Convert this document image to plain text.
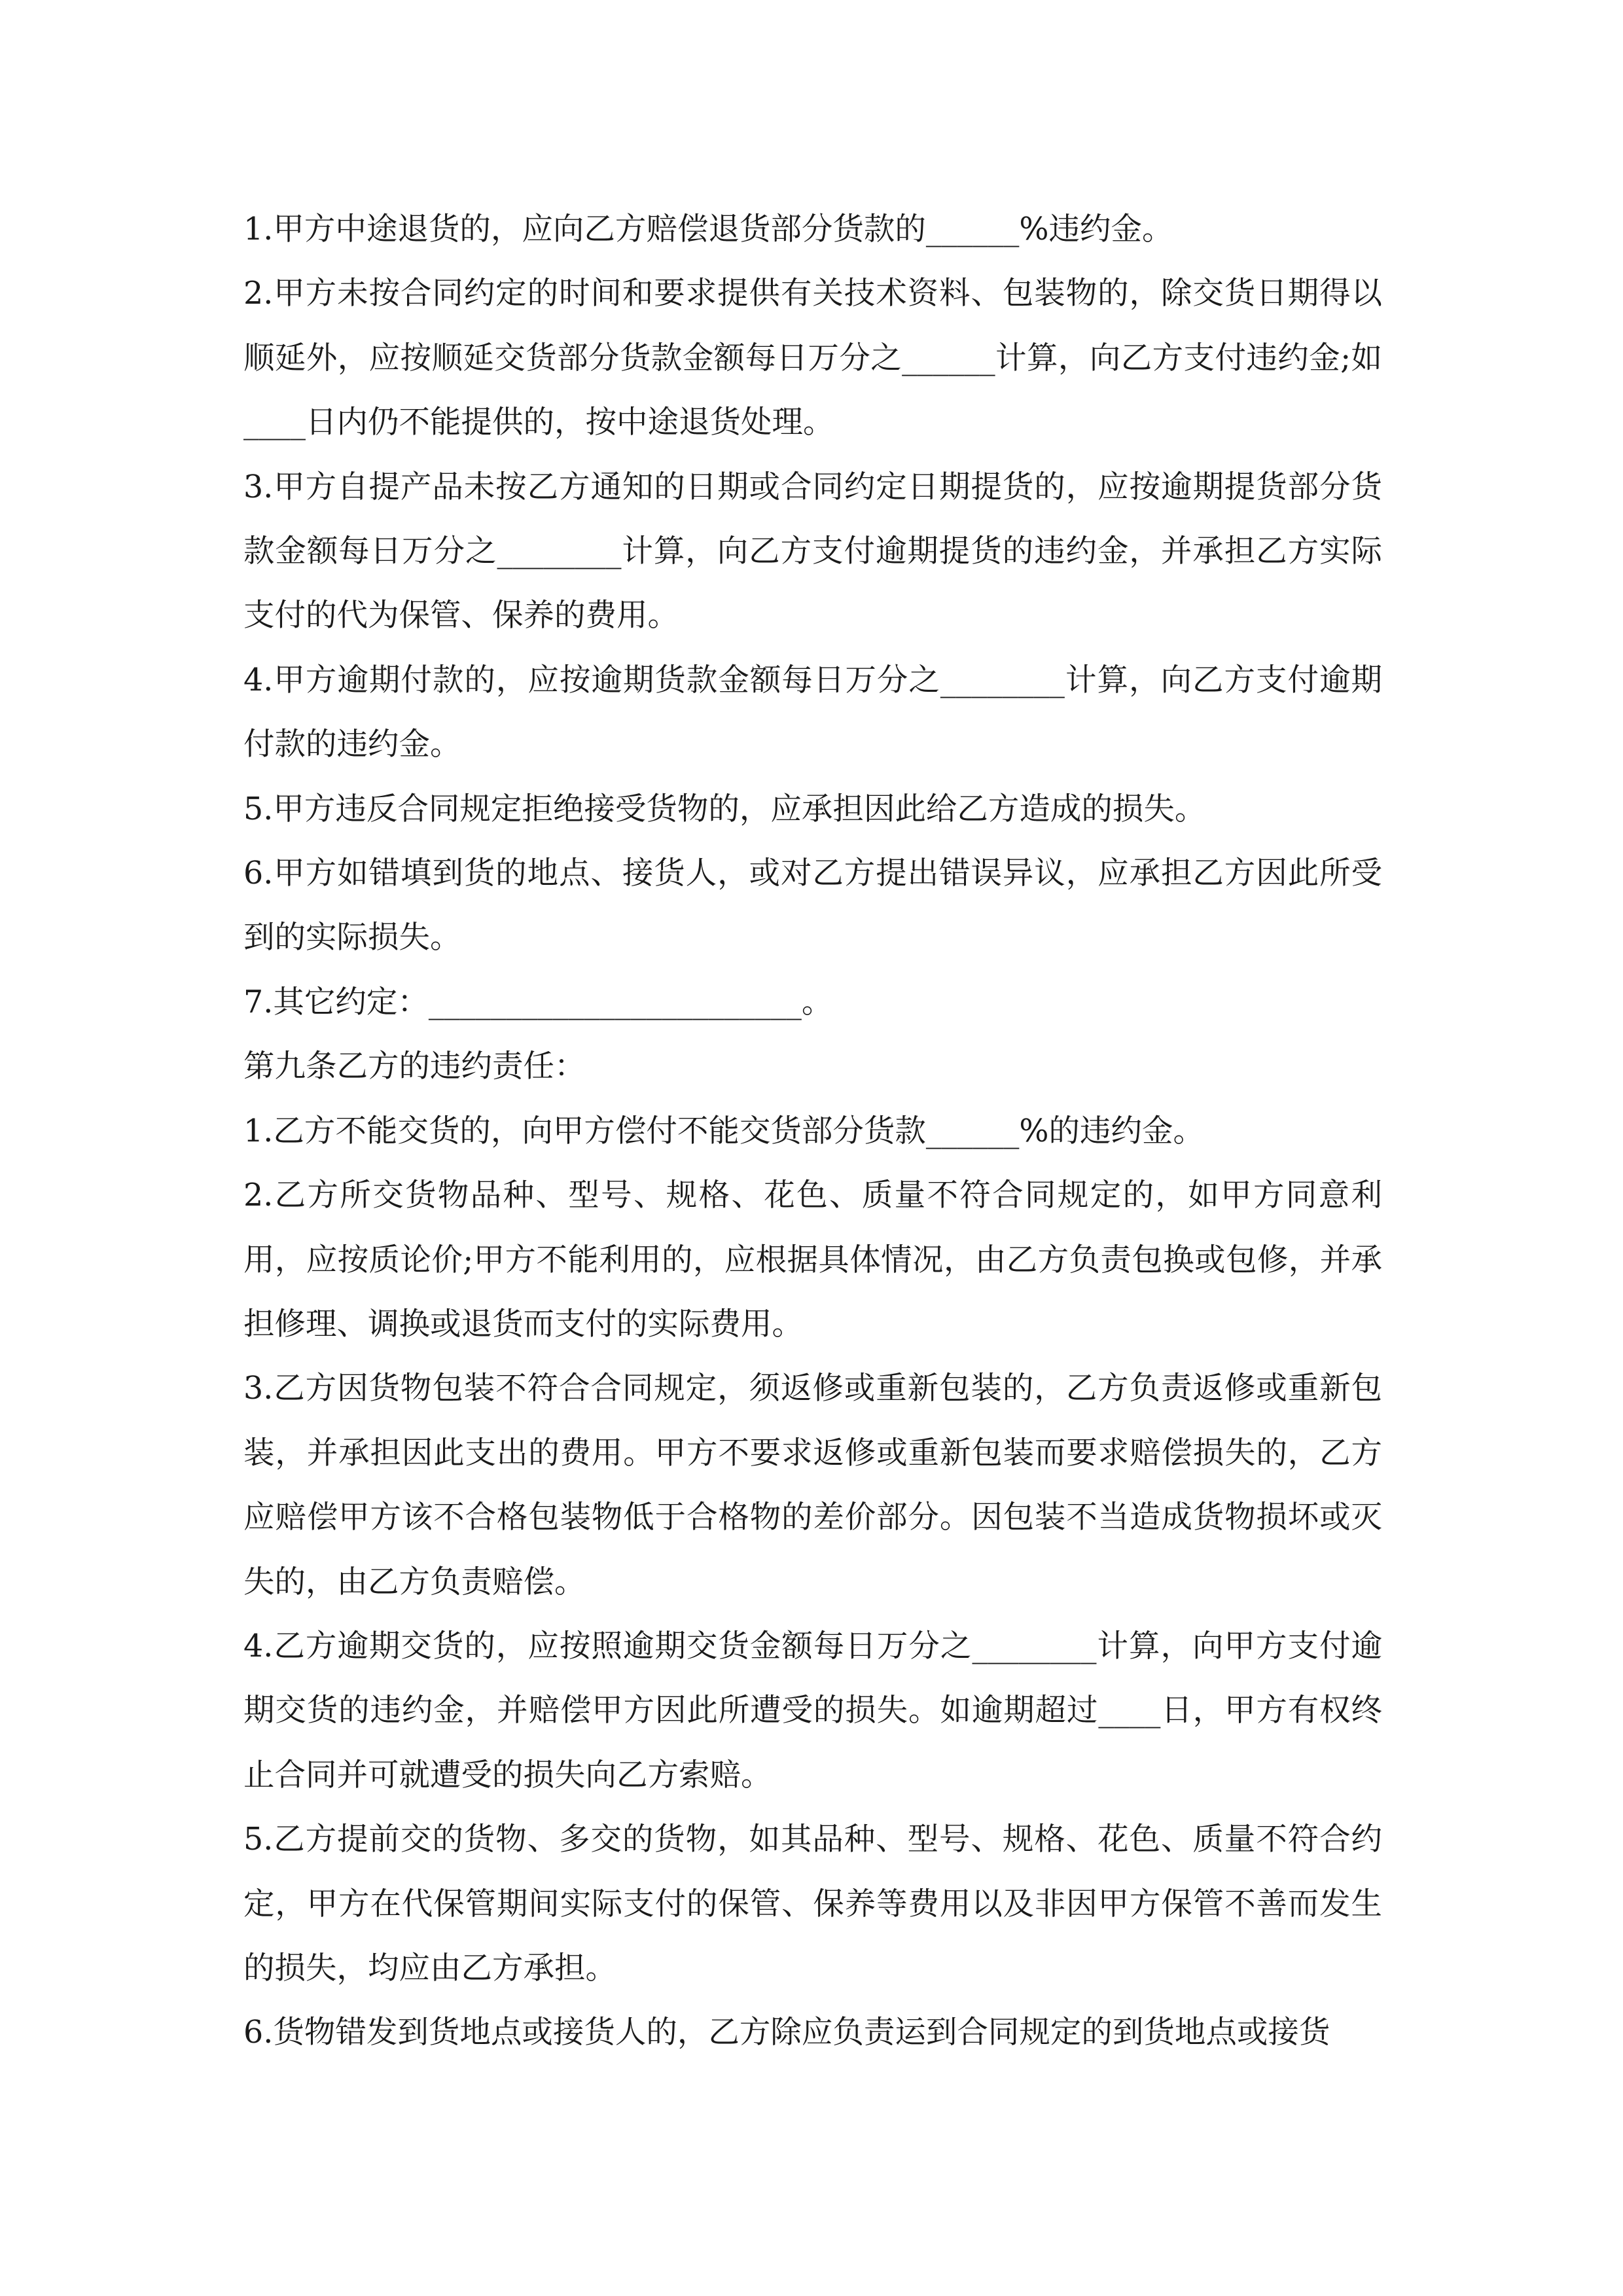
1.甲方中途退货的，应向乙方赔偿退货部分货款的______%违约金。

2.甲方未按合同约定的时间和要求提供有关技术资料、包装物的，除交货日期得以顺延外，应按顺延交货部分货款金额每日万分之______计算，向乙方支付违约金;如____日内仍不能提供的，按中途退货处理。

3.甲方自提产品未按乙方通知的日期或合同约定日期提货的，应按逾期提货部分货款金额每日万分之________计算，向乙方支付逾期提货的违约金，并承担乙方实际支付的代为保管、保养的费用。

4.甲方逾期付款的，应按逾期货款金额每日万分之________计算，向乙方支付逾期付款的违约金。

5.甲方违反合同规定拒绝接受货物的，应承担因此给乙方造成的损失。

6.甲方如错填到货的地点、接货人，或对乙方提出错误异议，应承担乙方因此所受到的实际损失。

7.其它约定：________________________。

第九条乙方的违约责任：

1.乙方不能交货的，向甲方偿付不能交货部分货款______%的违约金。

2.乙方所交货物品种、型号、规格、花色、质量不符合同规定的，如甲方同意利用，应按质论价;甲方不能利用的，应根据具体情况，由乙方负责包换或包修，并承担修理、调换或退货而支付的实际费用。

3.乙方因货物包装不符合合同规定，须返修或重新包装的，乙方负责返修或重新包装，并承担因此支出的费用。甲方不要求返修或重新包装而要求赔偿损失的，乙方应赔偿甲方该不合格包装物低于合格物的差价部分。因包装不当造成货物损坏或灭失的，由乙方负责赔偿。

4.乙方逾期交货的，应按照逾期交货金额每日万分之________计算，向甲方支付逾期交货的违约金，并赔偿甲方因此所遭受的损失。如逾期超过____日，甲方有权终止合同并可就遭受的损失向乙方索赔。

5.乙方提前交的货物、多交的货物，如其品种、型号、规格、花色、质量不符合约定，甲方在代保管期间实际支付的保管、保养等费用以及非因甲方保管不善而发生的损失，均应由乙方承担。

6.货物错发到货地点或接货人的，乙方除应负责运到合同规定的到货地点或接货
